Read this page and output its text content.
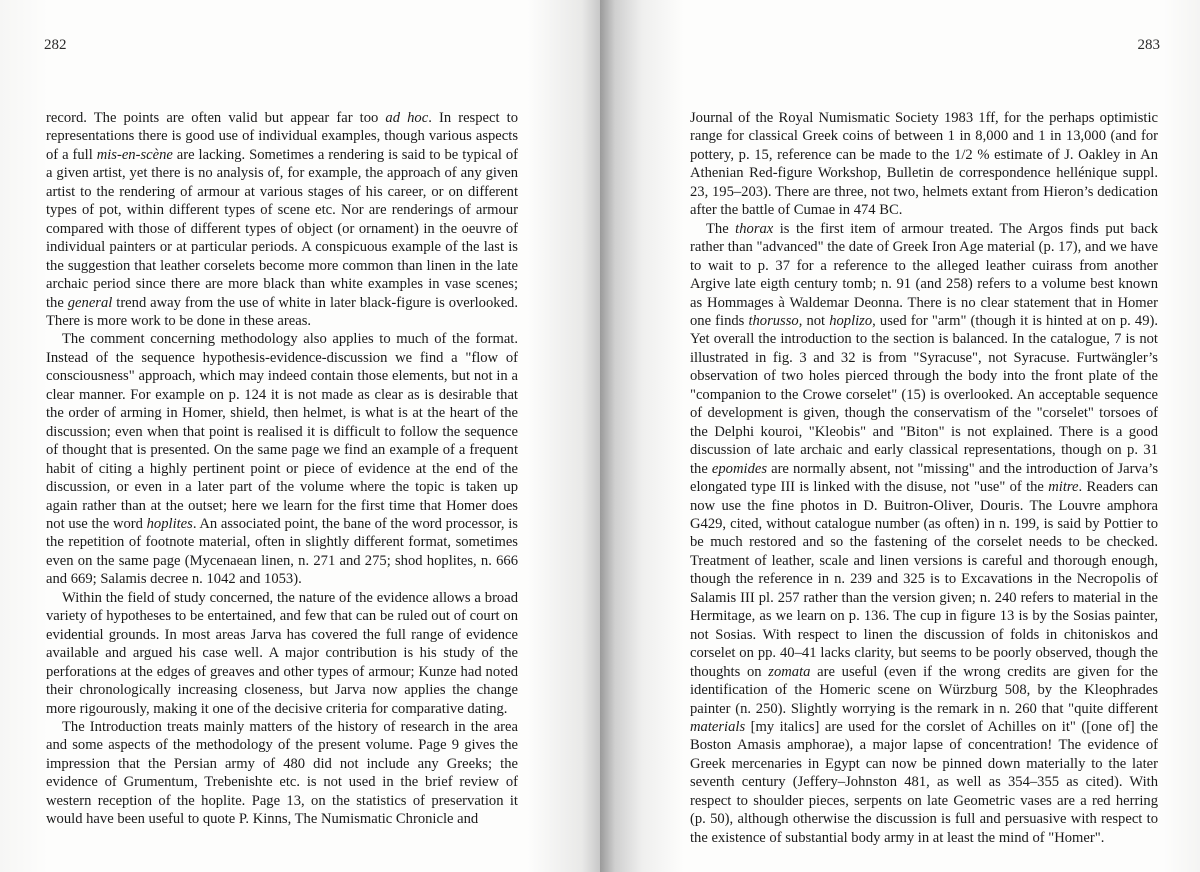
282

record. The points are often valid but appear far too ad hoc. In respect to representations there is good use of individual examples, though various aspects of a full mis-en-scène are lacking. Sometimes a rendering is said to be typical of a given artist, yet there is no analysis of, for example, the approach of any given artist to the rendering of armour at various stages of his career, or on different types of pot, within different types of scene etc. Nor are renderings of armour compared with those of different types of object (or ornament) in the oeuvre of individual painters or at particular periods. A conspicuous example of the last is the suggestion that leather corselets become more common than linen in the late archaic period since there are more black than white examples in vase scenes; the general trend away from the use of white in later black-figure is overlooked. There is more work to be done in these areas.

The comment concerning methodology also applies to much of the format. Instead of the sequence hypothesis-evidence-discussion we find a "flow of consciousness" approach, which may indeed contain those elements, but not in a clear manner. For example on p. 124 it is not made as clear as is desirable that the order of arming in Homer, shield, then helmet, is what is at the heart of the discussion; even when that point is realised it is difficult to follow the sequence of thought that is presented. On the same page we find an example of a frequent habit of citing a highly pertinent point or piece of evidence at the end of the discussion, or even in a later part of the volume where the topic is taken up again rather than at the outset; here we learn for the first time that Homer does not use the word hoplites. An associated point, the bane of the word processor, is the repetition of footnote material, often in slightly different format, sometimes even on the same page (Mycenaean linen, n. 271 and 275; shod hoplites, n. 666 and 669; Salamis decree n. 1042 and 1053).

Within the field of study concerned, the nature of the evidence allows a broad variety of hypotheses to be entertained, and few that can be ruled out of court on evidential grounds. In most areas Jarva has covered the full range of evidence available and argued his case well. A major contribution is his study of the perforations at the edges of greaves and other types of armour; Kunze had noted their chronologically increasing closeness, but Jarva now applies the change more rigourously, making it one of the decisive criteria for comparative dating.

The Introduction treats mainly matters of the history of research in the area and some aspects of the methodology of the present volume. Page 9 gives the impression that the Persian army of 480 did not include any Greeks; the evidence of Grumentum, Trebenishte etc. is not used in the brief review of western reception of the hoplite. Page 13, on the statistics of preservation it would have been useful to quote P. Kinns, The Numismatic Chronicle and

283

Journal of the Royal Numismatic Society 1983 1ff, for the perhaps optimistic range for classical Greek coins of between 1 in 8,000 and 1 in 13,000 (and for pottery, p. 15, reference can be made to the 1/2 % estimate of J. Oakley in An Athenian Red-figure Workshop, Bulletin de correspondence hellénique suppl. 23, 195–203). There are three, not two, helmets extant from Hieron’s dedication after the battle of Cumae in 474 BC.

The thorax is the first item of armour treated. The Argos finds put back rather than "advanced" the date of Greek Iron Age material (p. 17), and we have to wait to p. 37 for a reference to the alleged leather cuirass from another Argive late eigth century tomb; n. 91 (and 258) refers to a volume best known as Hommages à Waldemar Deonna. There is no clear statement that in Homer one finds thorusso, not hoplizo, used for "arm" (though it is hinted at on p. 49). Yet overall the introduction to the section is balanced. In the catalogue, 7 is not illustrated in fig. 3 and 32 is from "Syracuse", not Syracuse. Furtwängler’s observation of two holes pierced through the body into the front plate of the "companion to the Crowe corselet" (15) is overlooked. An acceptable sequence of development is given, though the conservatism of the "corselet" torsoes of the Delphi kouroi, "Kleobis" and "Biton" is not explained. There is a good discussion of late archaic and early classical representations, though on p. 31 the epomides are normally absent, not "missing" and the introduction of Jarva’s elongated type III is linked with the disuse, not "use" of the mitre. Readers can now use the fine photos in D. Buitron-Oliver, Douris. The Louvre amphora G429, cited, without catalogue number (as often) in n. 199, is said by Pottier to be much restored and so the fastening of the corselet needs to be checked. Treatment of leather, scale and linen versions is careful and thorough enough, though the reference in n. 239 and 325 is to Excavations in the Necropolis of Salamis III pl. 257 rather than the version given; n. 240 refers to material in the Hermitage, as we learn on p. 136. The cup in figure 13 is by the Sosias painter, not Sosias. With respect to linen the discussion of folds in chitoniskos and corselet on pp. 40–41 lacks clarity, but seems to be poorly observed, though the thoughts on zomata are useful (even if the wrong credits are given for the identification of the Homeric scene on Würzburg 508, by the Kleophrades painter (n. 250). Slightly worrying is the remark in n. 260 that "quite different materials [my italics] are used for the corslet of Achilles on it" ([one of] the Boston Amasis amphorae), a major lapse of concentration! The evidence of Greek mercenaries in Egypt can now be pinned down materially to the later seventh century (Jeffery–Johnston 481, as well as 354–355 as cited). With respect to shoulder pieces, serpents on late Geometric vases are a red herring (p. 50), although otherwise the discussion is full and persuasive with respect to the existence of substantial body army in at least the mind of "Homer".
